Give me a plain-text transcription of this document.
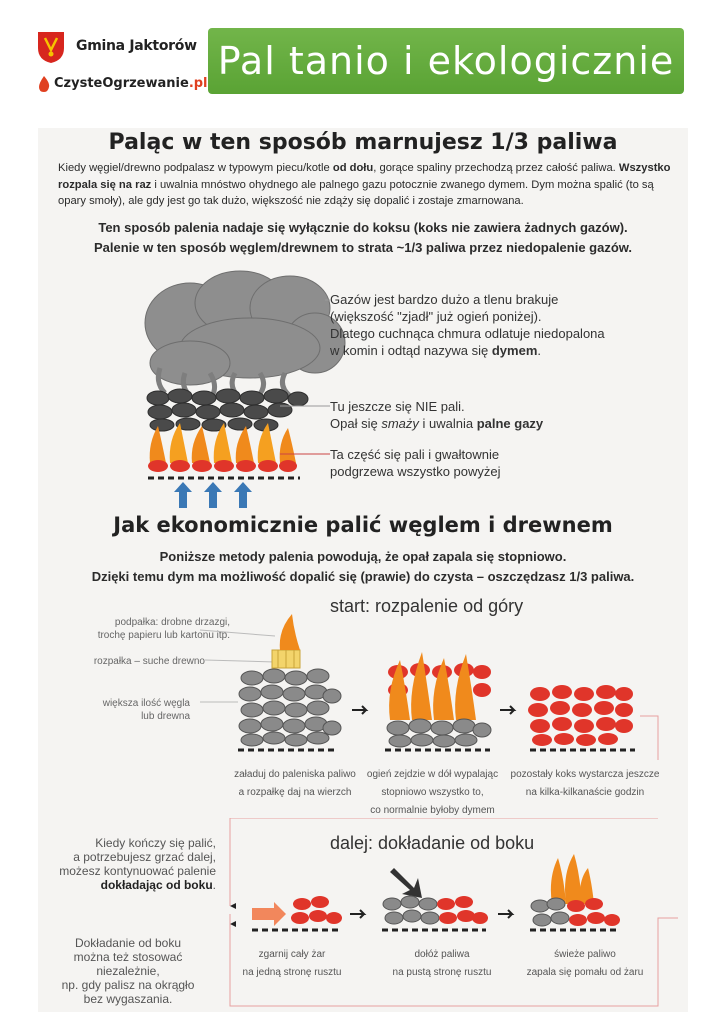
Gmina Jaktorów
CzysteOgrzewanie.pl
Pal tanio i ekologicznie
Paląc w ten sposób marnujesz 1/3 paliwa
Kiedy węgiel/drewno podpalasz w typowym piecu/kotle od dołu, gorące spaliny przechodzą przez całość paliwa. Wszystko rozpala się na raz i uwalnia mnóstwo ohydnego ale palnego gazu potocznie zwanego dymem. Dym można spalić (to są opary smoły), ale gdy jest go tak dużo, większość nie zdąży się dopalić i zostaje zmarnowana.
Ten sposób palenia nadaje się wyłącznie do koksu (koks nie zawiera żadnych gazów).
Palenie w ten sposób węglem/drewnem to strata ~1/3 paliwa przez niedopalenie gazów.
Gazów jest bardzo dużo a tlenu brakuje
(większość "zjadł" już ogień poniżej).
Dlatego cuchnąca chmura odlatuje niedopalona
w komin i odtąd nazywa się dymem.
Tu jeszcze się NIE pali.
Opał się smaży i uwalnia palne gazy
Ta część się pali i gwałtownie
podgrzewa wszystko powyżej
Jak ekonomicznie palić węglem i drewnem
Poniższe metody palenia powodują, że opał zapala się stopniowo.
Dzięki temu dym ma możliwość dopalić się (prawie) do czysta – oszczędzasz 1/3 paliwa.
start: rozpalenie od góry
podpałka: drobne drzazgi,
trochę papieru lub kartonu itp.
rozpałka – suche drewno
większa ilość węgla
lub drewna
załaduj do paleniska paliwo
a rozpałkę daj na wierzch
ogień zejdzie w dół wypalając
stopniowo wszystko to,
co normalnie byłoby dymem
pozostały koks wystarcza jeszcze
na kilka-kilkanaście godzin
Kiedy kończy się palić,
a potrzebujesz grzać dalej,
możesz kontynuować palenie
dokładając od boku.
Dokładanie od boku
można też stosować
niezależnie,
np. gdy palisz na okrągło
bez wygaszania.
dalej: dokładanie od boku
zgarnij cały żar
na jedną stronę rusztu
dołóż paliwa
na pustą stronę rusztu
świeże paliwo
zapala się pomału od żaru
